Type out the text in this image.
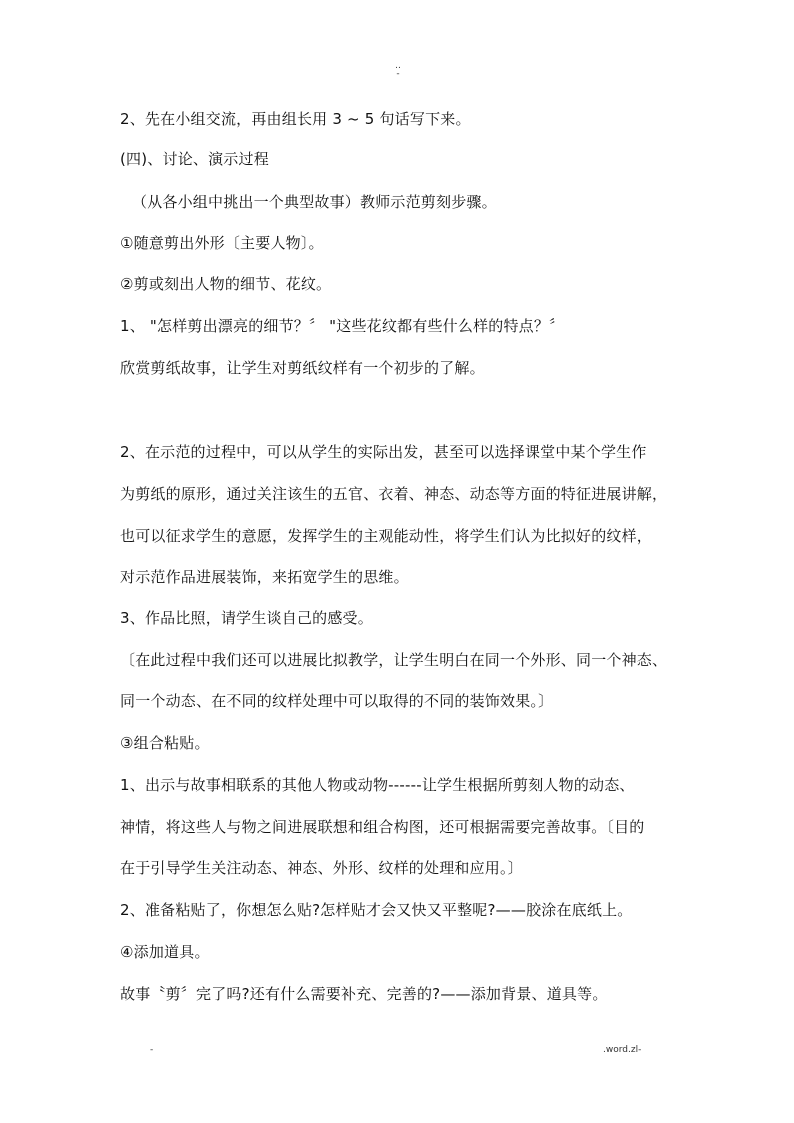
..
-
2、先在小组交流，再由组长用 3 ~ 5 句话写下来。
(四)、讨论、演示过程
（从各小组中挑出一个典型故事）教师示范剪刻步骤。
①随意剪出外形〔主要人物〕。
②剪或刻出人物的细节、花纹。
1、 "怎样剪出漂亮的细节？〞 "这些花纹都有些什么样的特点？〞
欣赏剪纸故事，让学生对剪纸纹样有一个初步的了解。
2、在示范的过程中，可以从学生的实际出发，甚至可以选择课堂中某个学生作
为剪纸的原形，通过关注该生的五官、衣着、神态、动态等方面的特征进展讲解，
也可以征求学生的意愿，发挥学生的主观能动性，将学生们认为比拟好的纹样，
对示范作品进展装饰，来拓宽学生的思维。
3、作品比照，请学生谈自己的感受。
〔在此过程中我们还可以进展比拟教学，让学生明白在同一个外形、同一个神态、
同一个动态、在不同的纹样处理中可以取得的不同的装饰效果。〕
③组合粘贴。
1、出示与故事相联系的其他人物或动物------让学生根据所剪刻人物的动态、
神情，将这些人与物之间进展联想和组合构图，还可根据需要完善故事。〔目的
在于引导学生关注动态、神态、外形、纹样的处理和应用。〕
2、准备粘贴了，你想怎么贴?怎样贴才会又快又平整呢?——胶涂在底纸上。
④添加道具。
故事〝剪〞完了吗?还有什么需要补充、完善的?——添加背景、道具等。
-	.word.zl-
